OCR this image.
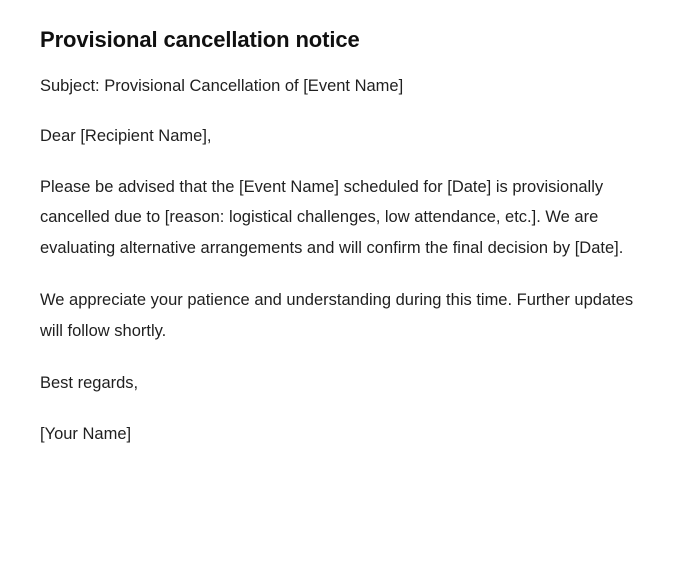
Provisional cancellation notice

Subject: Provisional Cancellation of [Event Name]

Dear [Recipient Name],

Please be advised that the [Event Name] scheduled for [Date] is provisionally cancelled due to [reason: logistical challenges, low attendance, etc.]. We are evaluating alternative arrangements and will confirm the final decision by [Date].

We appreciate your patience and understanding during this time. Further updates will follow shortly.

Best regards,

[Your Name]
